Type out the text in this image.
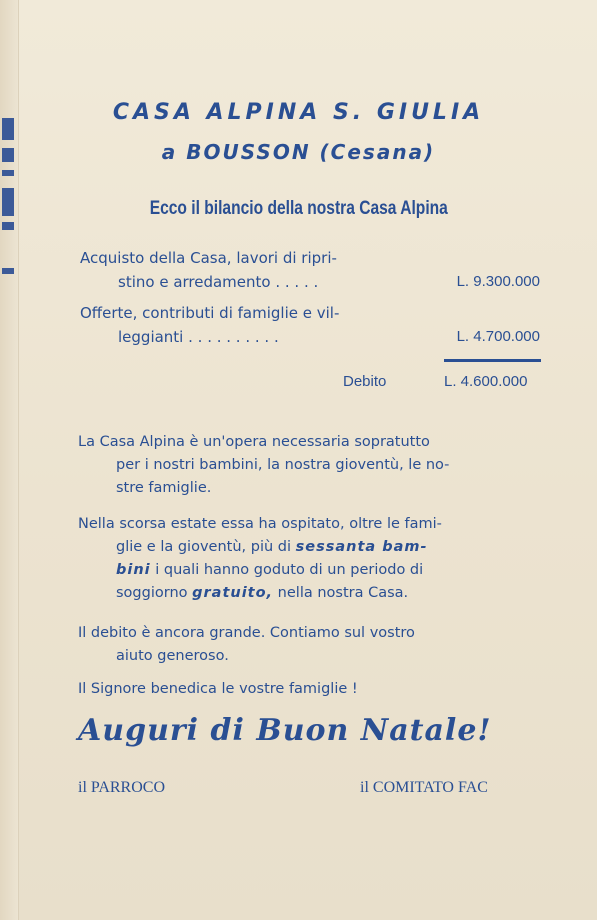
CASA ALPINA S. GIULIA
a BOUSSON (Cesana)
Ecco il bilancio della nostra Casa Alpina
Acquisto della Casa, lavori di ripri-
stino e arredamento . . . . .	L. 9.300.000
Offerte, contributi di famiglie e vil-
leggianti . . . . . . . . . .	L. 4.700.000
Debito	L. 4.600.000
La Casa Alpina è un'opera necessaria sopratutto
per i nostri bambini, la nostra gioventù, le no-
stre famiglie.
Nella scorsa estate essa ha ospitato, oltre le fami-
glie e la gioventù, più di sessanta bam-
bini i quali hanno goduto di un periodo di
soggiorno gratuito, nella nostra Casa.
Il debito è ancora grande. Contiamo sul vostro
aiuto generoso.
Il Signore benedica le vostre famiglie !
Auguri di Buon Natale!
il PARROCO	il COMITATO FAC
